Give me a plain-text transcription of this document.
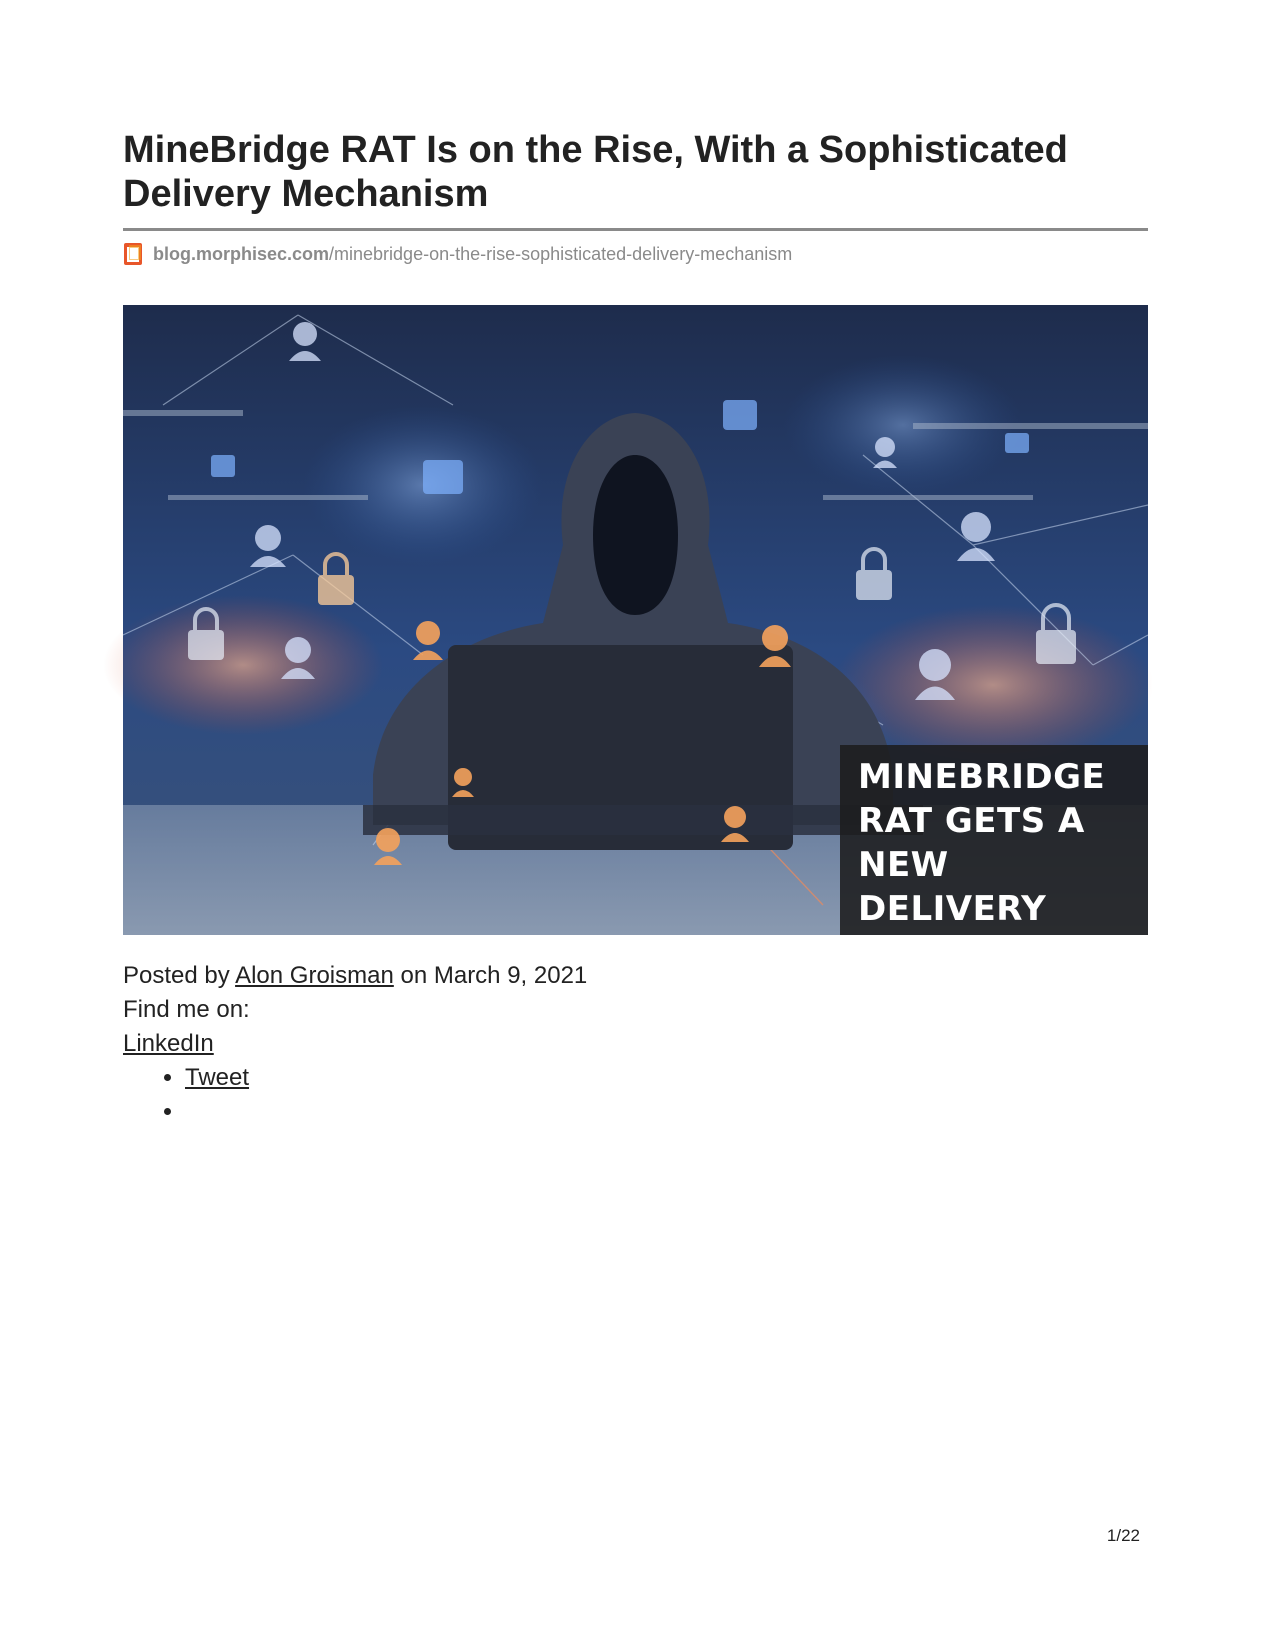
MineBridge RAT Is on the Rise, With a Sophisticated
Delivery Mechanism
blog.morphisec.com /minebridge-on-the-rise-sophisticated-delivery-mechanism
MINEBRIDGE
RAT GETS A
NEW DELIVERY
MECHANISM
Posted by Alon Groisman on March 9, 2021
Find me on:
LinkedIn
• Tweet
•
1/22
